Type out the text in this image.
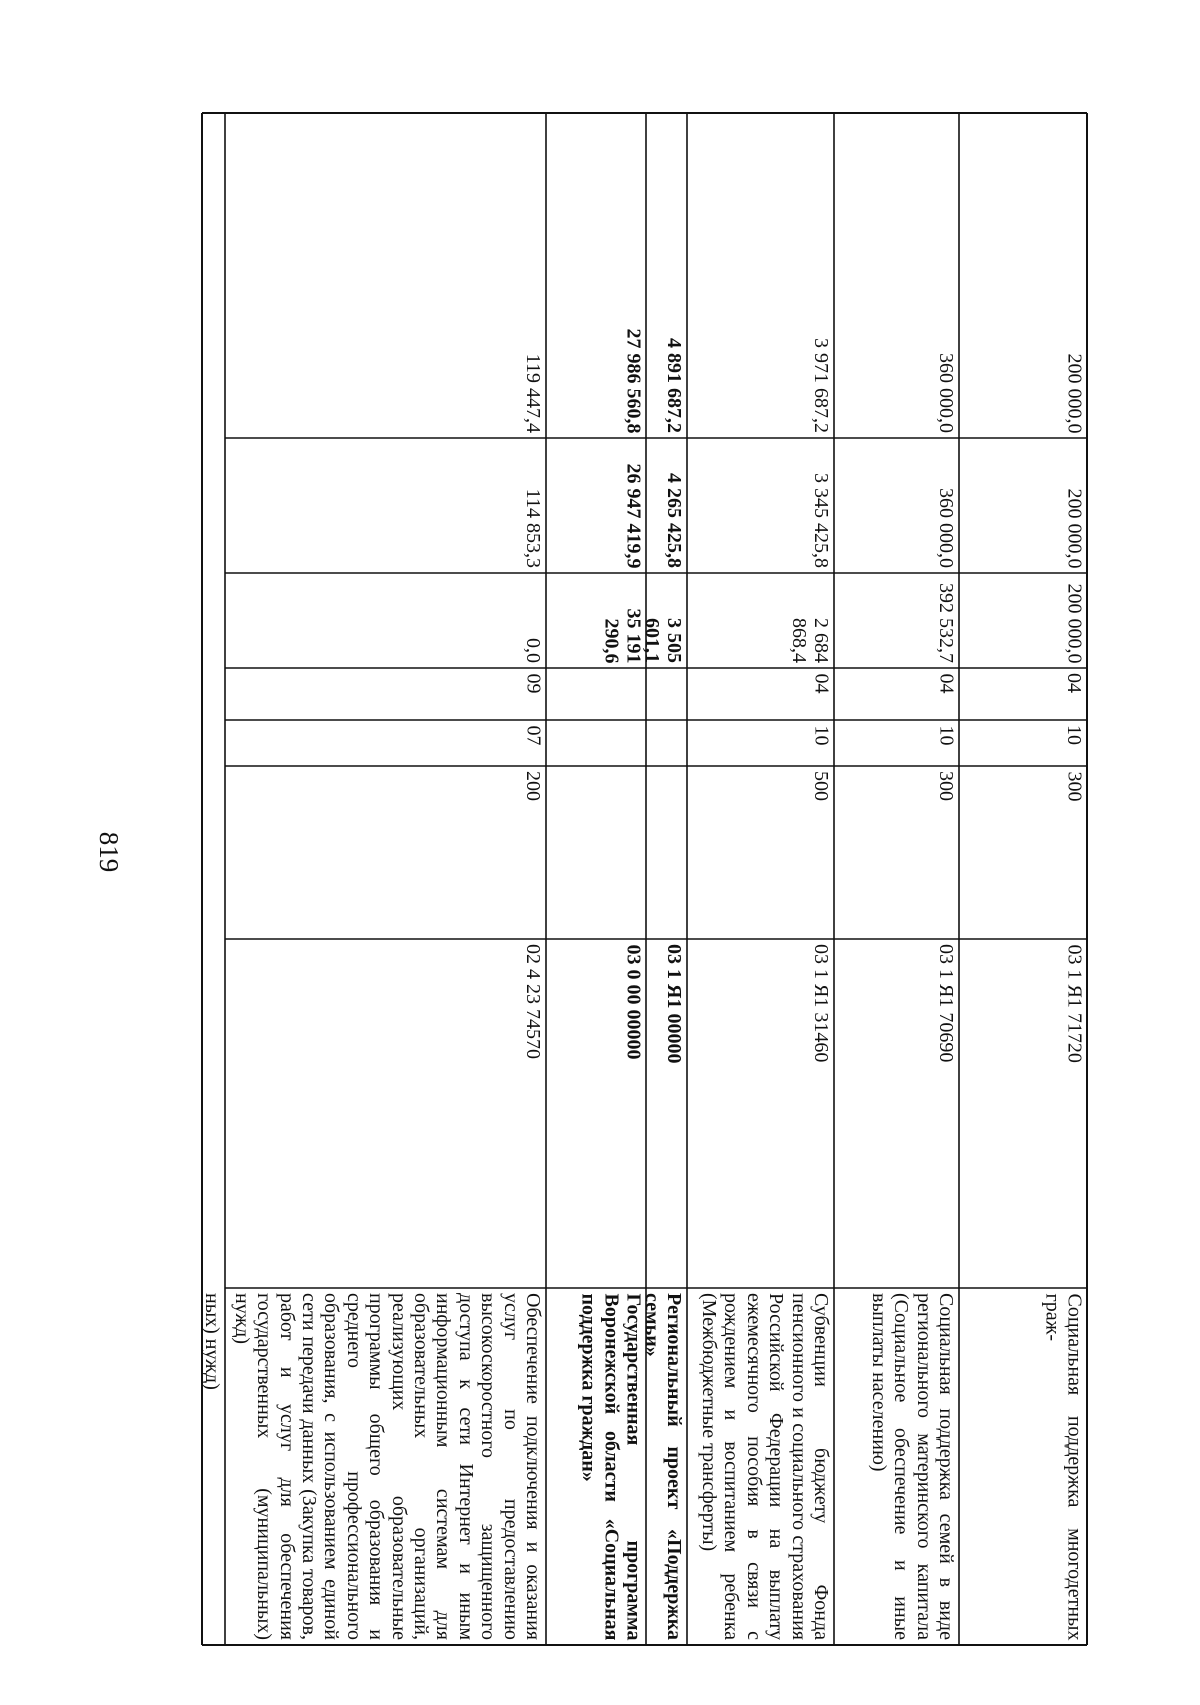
819
ных) нужд)
119 447,4
114 853,3
0,0
09
07
200
02 4 23 74570
Обеспечение подключения и оказания услуг по предоставлению высокоскоростного защищенного доступа к сети Интернет и иным информационным системам для образовательных организаций, реализующих образовательные программы общего образования и среднего профессионального образования, с использованием единой сети передачи данных (Закупка товаров, работ и услуг для обеспечения государственных (муниципальных) нужд)
27 986 560,8
26 947 419,9
35 191 290,6
03 0 00 00000
Государственная программа Воронежской области «Социальная поддержка граждан»
4 891 687,2
4 265 425,8
3 505 601,1
03 1 Я1 00000
Региональный проект «Поддержка семьи»
3 971 687,2
3 345 425,8
2 684 868,4
04
10
500
03 1 Я1 31460
Субвенции бюджету Фонда пенсионного и социального страхования Российской Федерации на выплату ежемесячного пособия в связи с рождением и воспитанием ребенка (Межбюджетные трансферты)
360 000,0
360 000,0
392 532,7
04
10
300
03 1 Я1 70690
Социальная поддержка семей в виде регионального материнского капитала (Социальное обеспечение и иные выплаты населению)
200 000,0
200 000,0
200 000,0
04
10
300
03 1 Я1 71720
Социальная поддержка многодетных граж-
